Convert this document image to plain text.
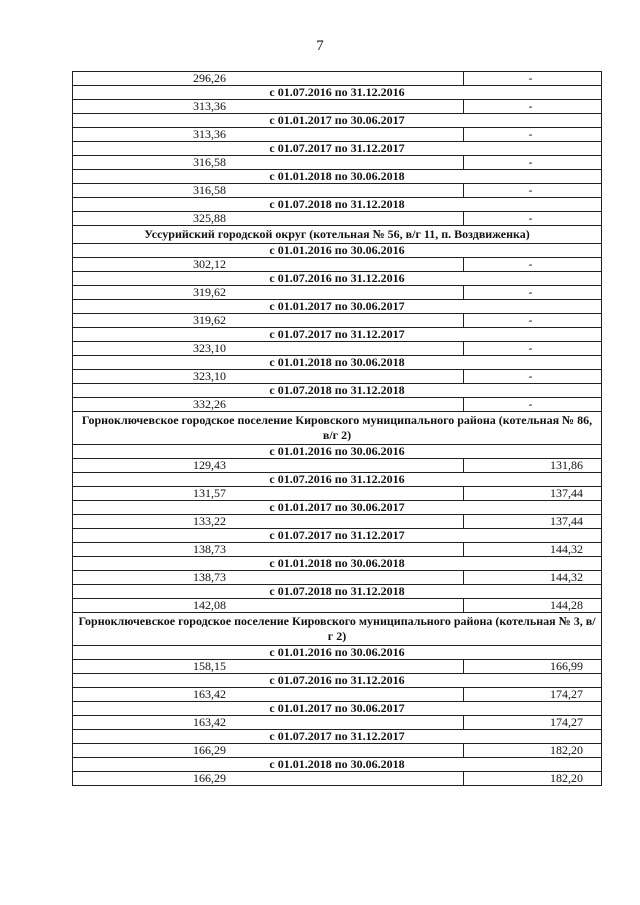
7
296,26	-
с 01.07.2016 по 31.12.2016	
313,36	-
с 01.01.2017 по 30.06.2017	
313,36	-
с 01.07.2017 по 31.12.2017	
316,58	-
с 01.01.2018 по 30.06.2018	
316,58	-
с 01.07.2018 по 31.12.2018	
325,88	-
Уссурийский городской округ (котельная № 56, в/г 11, п. Воздвиженка)	
с 01.01.2016 по 30.06.2016	
302,12	-
с 01.07.2016 по 31.12.2016	
319,62	-
с 01.01.2017 по 30.06.2017	
319,62	-
с 01.07.2017 по 31.12.2017	
323,10	-
с 01.01.2018 по 30.06.2018	
323,10	-
с 01.07.2018 по 31.12.2018	
332,26	-
Горноключевское городское поселение Кировского муниципального района (котельная № 86, в/г 2)	
с 01.01.2016 по 30.06.2016	
129,43	131,86
с 01.07.2016 по 31.12.2016	
131,57	137,44
с 01.01.2017 по 30.06.2017	
133,22	137,44
с 01.07.2017 по 31.12.2017	
138,73	144,32
с 01.01.2018 по 30.06.2018	
138,73	144,32
с 01.07.2018 по 31.12.2018	
142,08	144,28
Горноключевское городское поселение Кировского муниципального района (котельная № 3, в/г 2)	
с 01.01.2016 по 30.06.2016	
158,15	166,99
с 01.07.2016 по 31.12.2016	
163,42	174,27
с 01.01.2017 по 30.06.2017	
163,42	174,27
с 01.07.2017 по 31.12.2017	
166,29	182,20
с 01.01.2018 по 30.06.2018	
166,29	182,20
